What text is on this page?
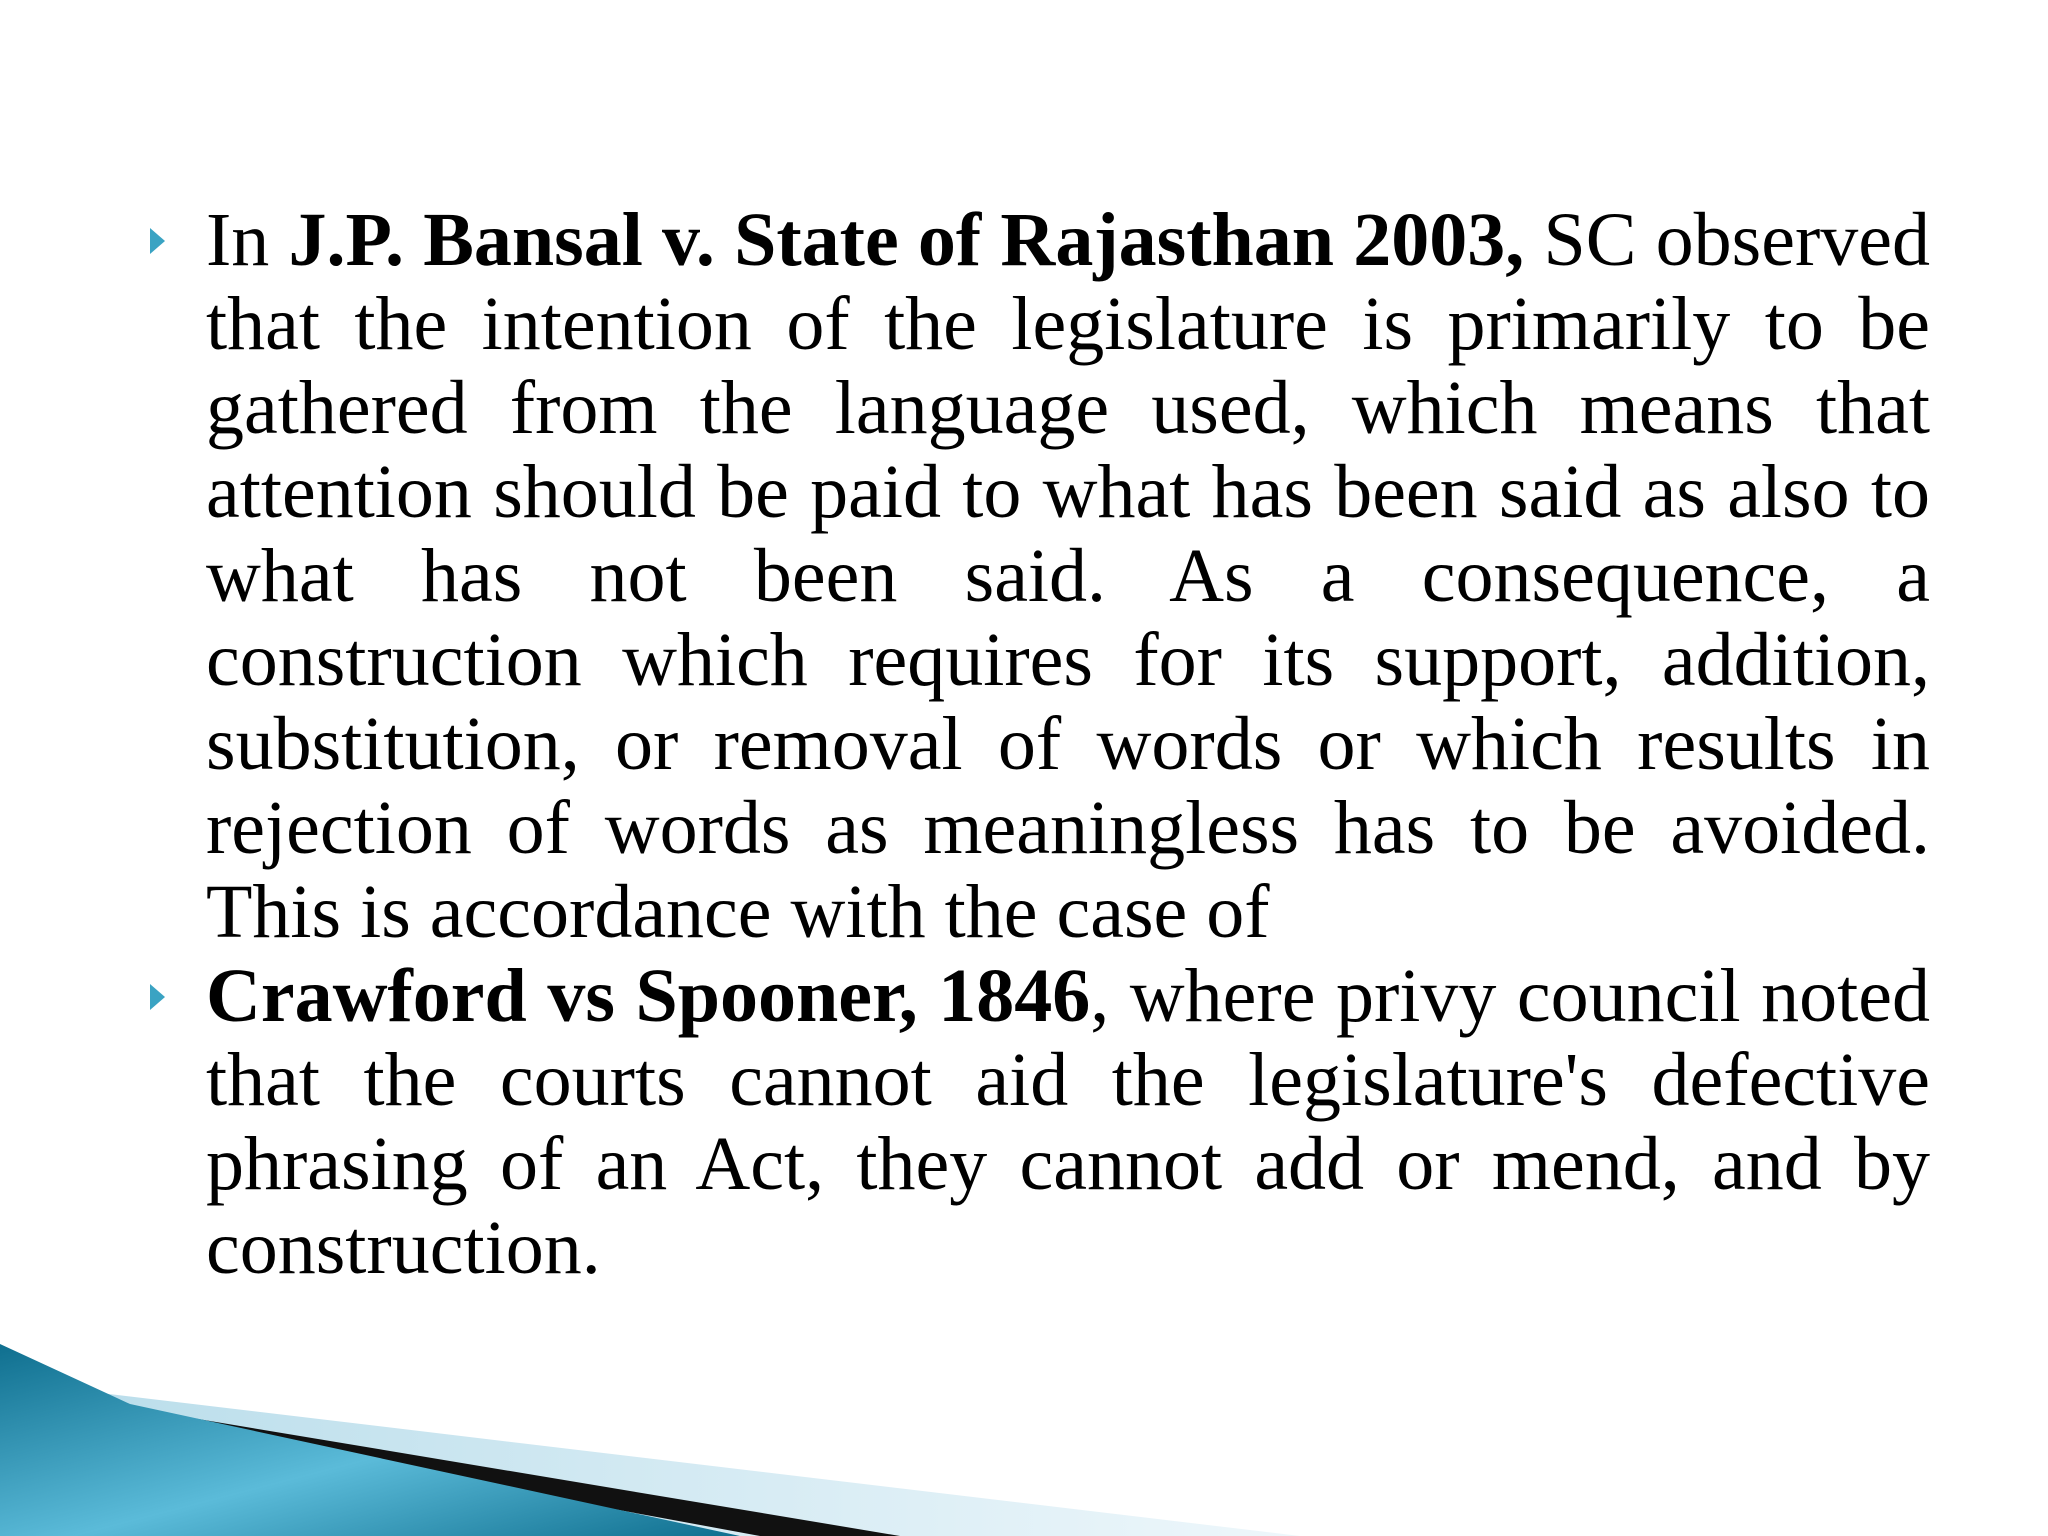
In J.P. Bansal v. State of Rajasthan 2003, SC observed that the intention of the legislature is primarily to be gathered from the language used, which means that attention should be paid to what has been said as also to what has not been said. As a consequence, a construction which requires for its support, addition, substitution, or removal of words or which results in rejection of words as meaningless has to be avoided. This is accordance with the case of
Crawford vs Spooner, 1846, where privy council noted that the courts cannot aid the legislature's defective phrasing of an Act, they cannot add or mend, and by construction.
